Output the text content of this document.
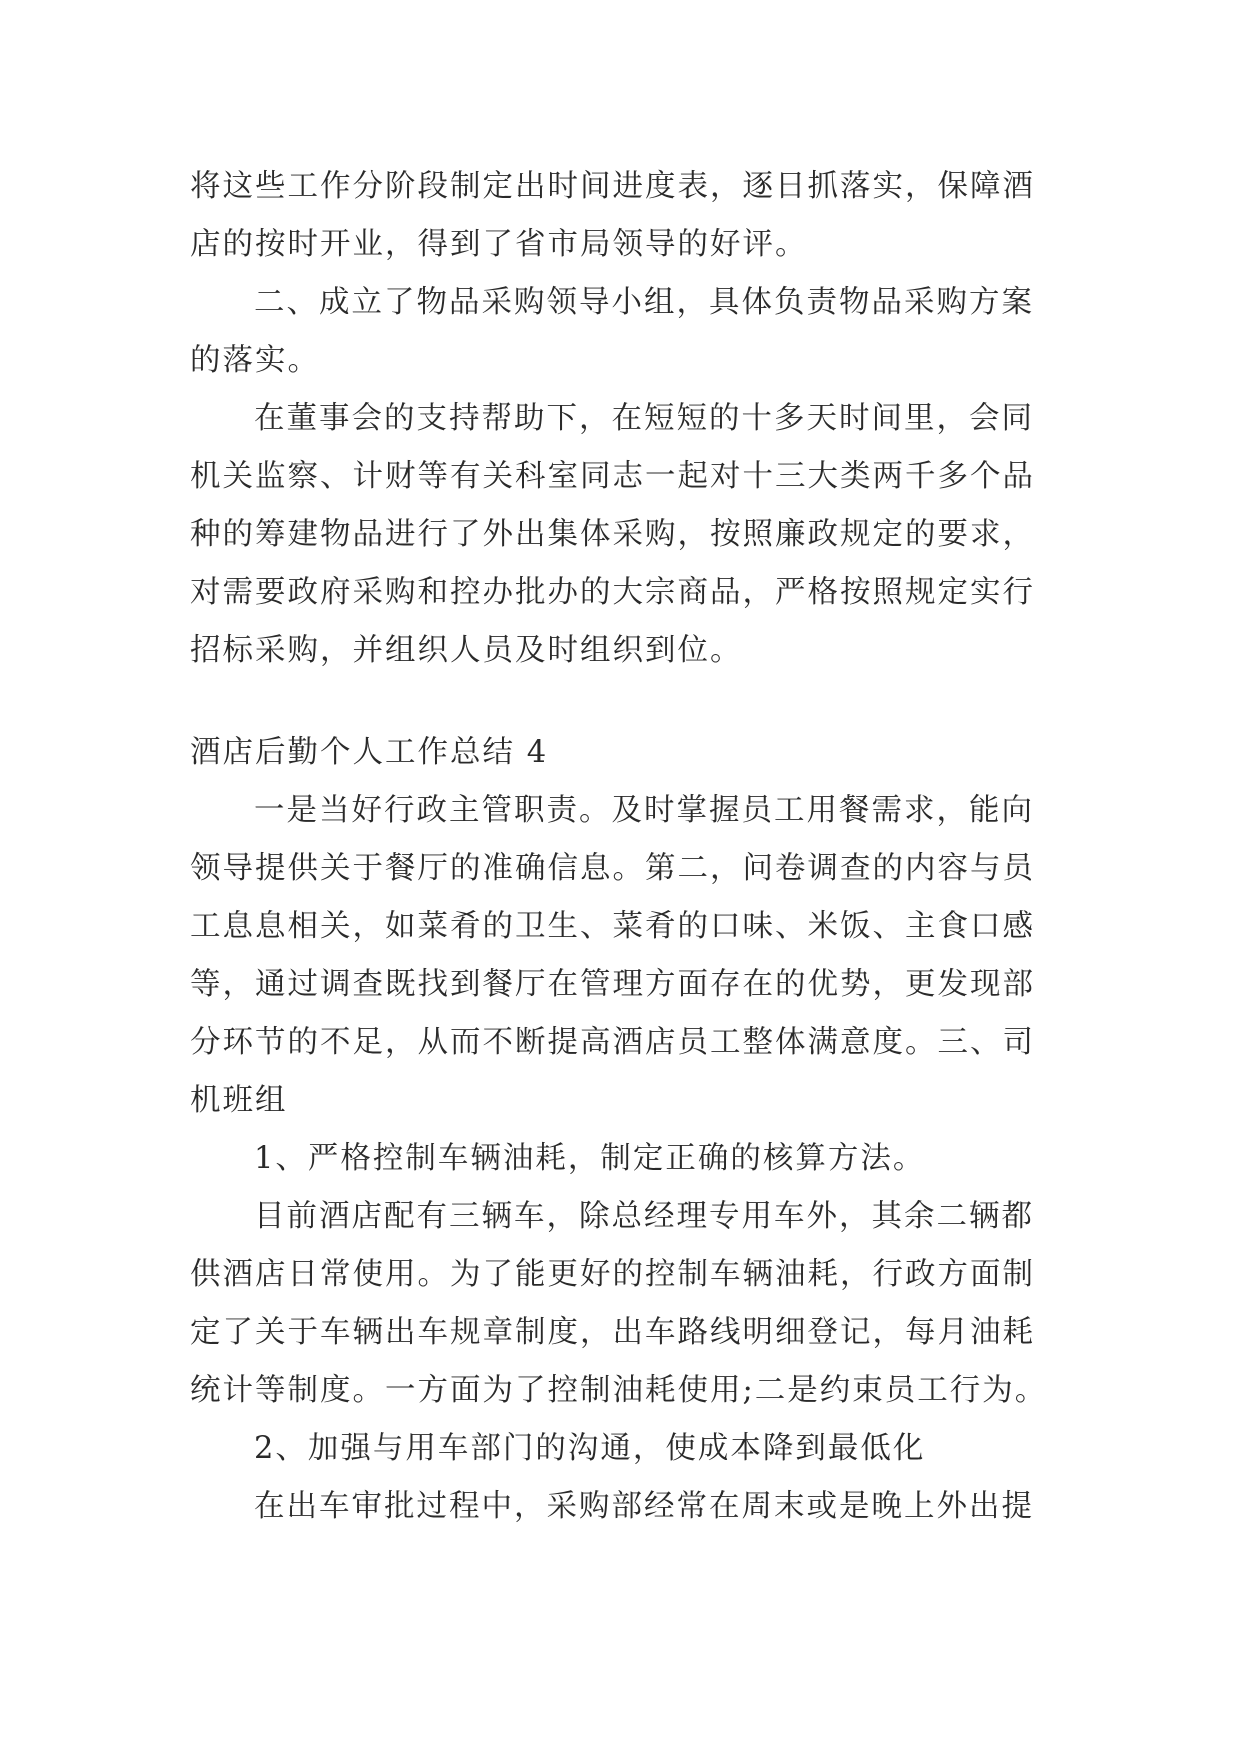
将这些工作分阶段制定出时间进度表，逐日抓落实，保障酒
店的按时开业，得到了省市局领导的好评。
二、成立了物品采购领导小组，具体负责物品采购方案
的落实。
在董事会的支持帮助下，在短短的十多天时间里，会同
机关监察、计财等有关科室同志一起对十三大类两千多个品
种的筹建物品进行了外出集体采购，按照廉政规定的要求，
对需要政府采购和控办批办的大宗商品，严格按照规定实行
招标采购，并组织人员及时组织到位。
酒店后勤个人工作总结 4
一是当好行政主管职责。及时掌握员工用餐需求，能向
领导提供关于餐厅的准确信息。第二，问卷调查的内容与员
工息息相关，如菜肴的卫生、菜肴的口味、米饭、主食口感
等，通过调查既找到餐厅在管理方面存在的优势，更发现部
分环节的不足，从而不断提高酒店员工整体满意度。三、司
机班组
1、严格控制车辆油耗，制定正确的核算方法。
目前酒店配有三辆车，除总经理专用车外，其余二辆都
供酒店日常使用。为了能更好的控制车辆油耗，行政方面制
定了关于车辆出车规章制度，出车路线明细登记，每月油耗
统计等制度。一方面为了控制油耗使用;二是约束员工行为。
2、加强与用车部门的沟通，使成本降到最低化
在出车审批过程中，采购部经常在周末或是晚上外出提
